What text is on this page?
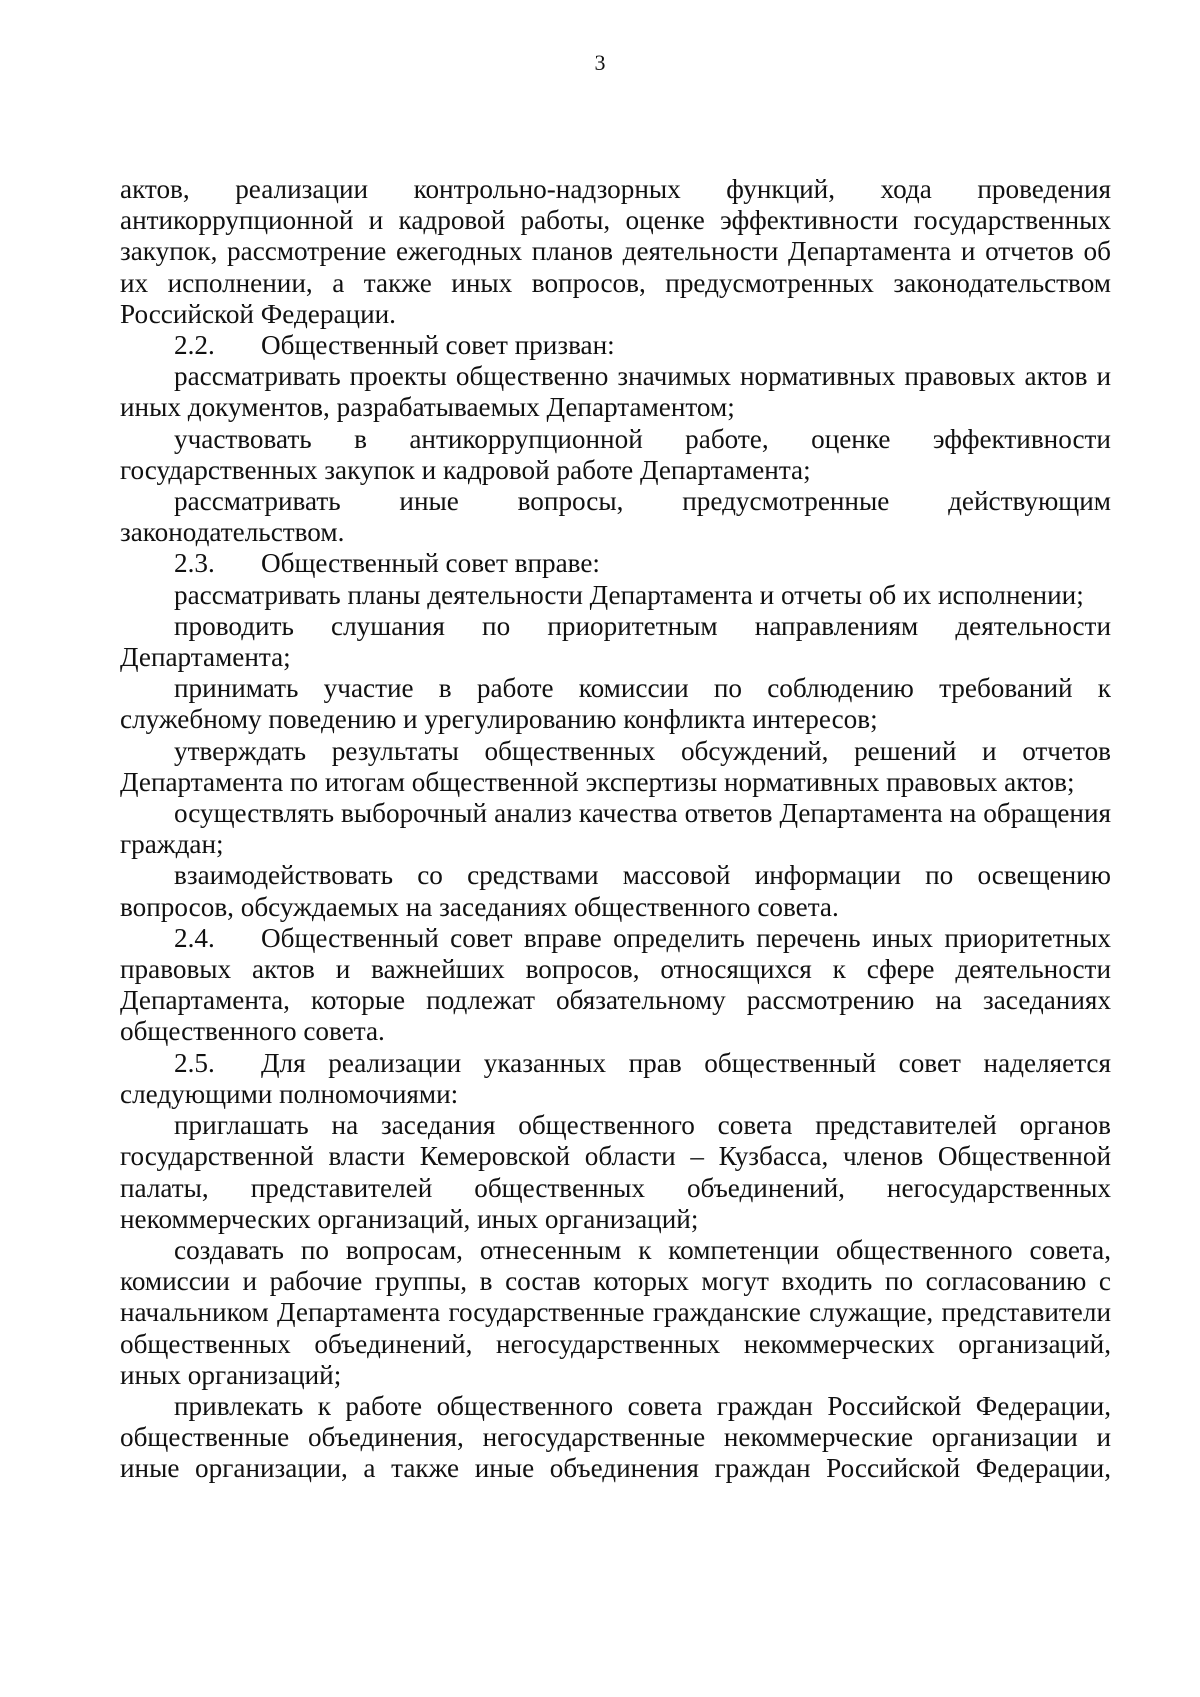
3

актов, реализации контрольно-надзорных функций, хода проведения антикоррупционной и кадровой работы, оценке эффективности государственных закупок, рассмотрение ежегодных планов деятельности Департамента и отчетов об их исполнении, а также иных вопросов, предусмотренных законодательством Российской Федерации.

2.2. Общественный совет призван:

рассматривать проекты общественно значимых нормативных правовых актов и иных документов, разрабатываемых Департаментом;

участвовать в антикоррупционной работе, оценке эффективности государственных закупок и кадровой работе Департамента;

рассматривать иные вопросы, предусмотренные действующим законодательством.

2.3. Общественный совет вправе:

рассматривать планы деятельности Департамента и отчеты об их исполнении;

проводить слушания по приоритетным направлениям деятельности Департамента;

принимать участие в работе комиссии по соблюдению требований к служебному поведению и урегулированию конфликта интересов;

утверждать результаты общественных обсуждений, решений и отчетов Департамента по итогам общественной экспертизы нормативных правовых актов;

осуществлять выборочный анализ качества ответов Департамента на обращения граждан;

взаимодействовать со средствами массовой информации по освещению вопросов, обсуждаемых на заседаниях общественного совета.

2.4. Общественный совет вправе определить перечень иных приоритетных правовых актов и важнейших вопросов, относящихся к сфере деятельности Департамента, которые подлежат обязательному рассмотрению на заседаниях общественного совета.

2.5. Для реализации указанных прав общественный совет наделяется следующими полномочиями:

приглашать на заседания общественного совета представителей органов государственной власти Кемеровской области – Кузбасса, членов Общественной палаты, представителей общественных объединений, негосударственных некоммерческих организаций, иных организаций;

создавать по вопросам, отнесенным к компетенции общественного совета, комиссии и рабочие группы, в состав которых могут входить по согласованию с начальником Департамента государственные гражданские служащие, представители общественных объединений, негосударственных некоммерческих организаций, иных организаций;

привлекать к работе общественного совета граждан Российской Федерации, общественные объединения, негосударственные некоммерческие организации и иные организации, а также иные объединения граждан Российской Федерации,
